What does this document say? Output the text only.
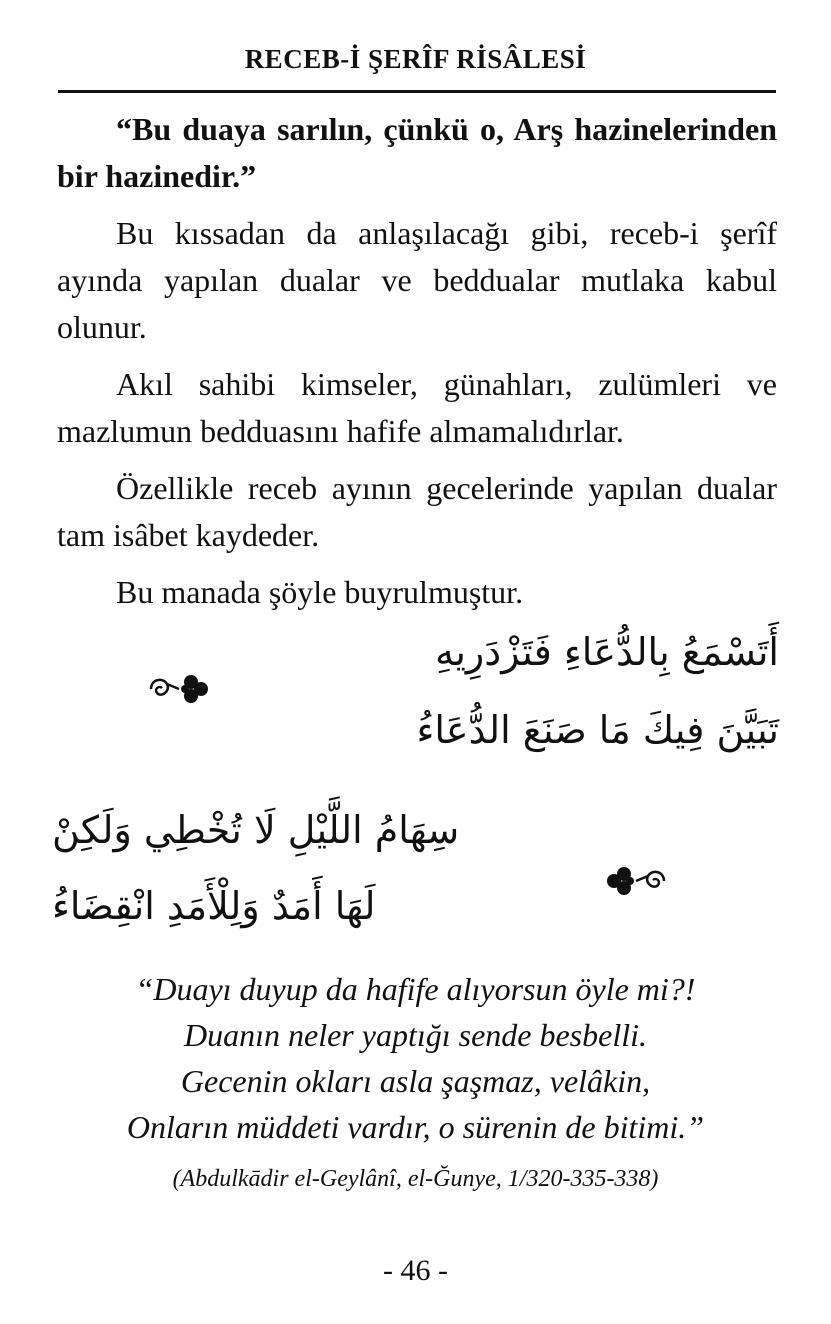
RECEB-İ ŞERÎF RİSÂLESİ

“Bu duaya sarılın, çünkü o, Arş hazinelerinden bir hazinedir.”

Bu kıssadan da anlaşılacağı gibi, receb-i şerîf ayında yapılan dualar ve beddualar mutlaka kabul olunur.

Akıl sahibi kimseler, günahları, zulümleri ve mazlumun bedduasını hafife almamalıdırlar.

Özellikle receb ayının gecelerinde yapılan dualar tam isâbet kaydeder.

Bu manada şöyle buyrulmuştur.

أَتَسْمَعُ بِالدُّعَاءِ فَتَزْدَرِيهِ
تَبَيَّنَ فِيكَ مَا صَنَعَ الدُّعَاءُ
سِهَامُ اللَّيْلِ لَا تُخْطِي وَلَكِنْ
لَهَا أَمَدٌ وَلِلْأَمَدِ انْقِضَاءُ
“Duayı duyup da hafife alıyorsun öyle mi?!
Duanın neler yaptığı sende besbelli.
Gecenin okları asla şaşmaz, velâkin,
Onların müddeti vardır, o sürenin de bitimi.”
(Abdulkādir el-Geylânî, el-Ğunye, 1/320-335-338)
- 46 -
